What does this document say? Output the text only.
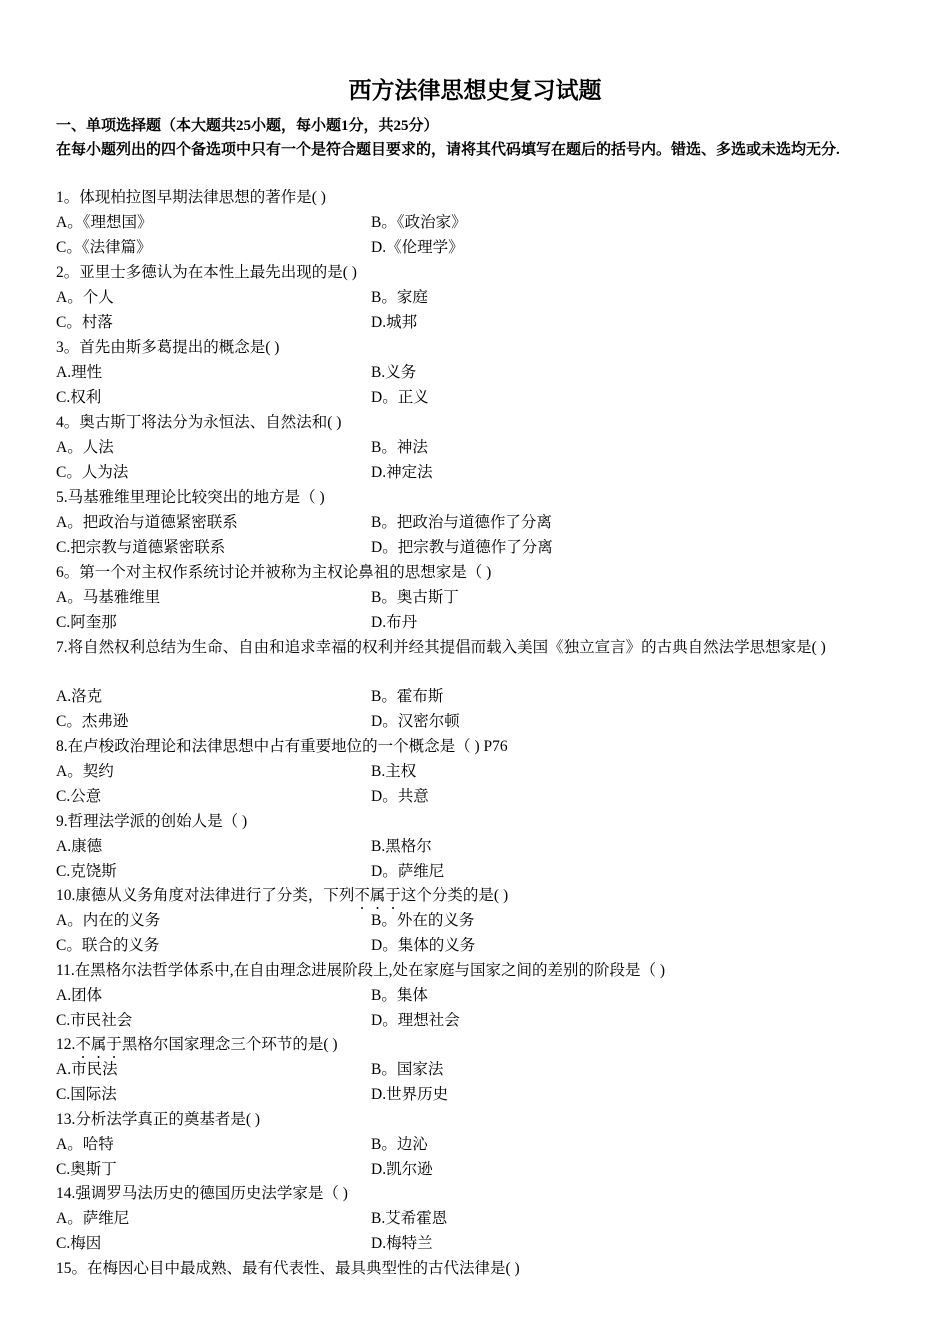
西方法律思想史复习试题
一、单项选择题（本大题共25小题，每小题1分，共25分）
在每小题列出的四个备选项中只有一个是符合题目要求的，请将其代码填写在题后的括号内。错选、多选或未选均无分.
1。体现柏拉图早期法律思想的著作是( )
A。《理想国》	B。《政治家》
C。《法律篇》	D.《伦理学》
2。亚里士多德认为在本性上最先出现的是( )
A。个人	B。家庭
C。村落	D.城邦
3。首先由斯多葛提出的概念是( )
A.理性	B.义务
C.权利	D。正义
4。奥古斯丁将法分为永恒法、自然法和( )
A。人法	B。神法
C。人为法	D.神定法
5.马基雅维里理论比较突出的地方是（ )
A。把政治与道德紧密联系	B。把政治与道德作了分离
C.把宗教与道德紧密联系	D。把宗教与道德作了分离
6。第一个对主权作系统讨论并被称为主权论鼻祖的思想家是（ )
A。马基雅维里	B。奥古斯丁
C.阿奎那	D.布丹
7.将自然权利总结为生命、自由和追求幸福的权利并经其提倡而载入美国《独立宣言》的古典自然法学思想家是( )
A.洛克	B。霍布斯
C。杰弗逊	D。汉密尔顿
8.在卢梭政治理论和法律思想中占有重要地位的一个概念是（ ) P76
A。契约	B.主权
C.公意	D。共意
9.哲理法学派的创始人是（ )
A.康德	B.黑格尔
C.克饶斯	D。萨维尼
10.康德从义务角度对法律进行了分类，下列不属于这个分类的是( )
A。内在的义务	B。外在的义务
C。联合的义务	D。集体的义务
11.在黑格尔法哲学体系中,在自由理念进展阶段上,处在家庭与国家之间的差别的阶段是（ )
A.团体	B。集体
C.市民社会	D。理想社会
12.不属于黑格尔国家理念三个环节的是( )
A.市民法	B。国家法
C.国际法	D.世界历史
13.分析法学真正的奠基者是( )
A。哈特	B。边沁
C.奥斯丁	D.凯尔逊
14.强调罗马法历史的德国历史法学家是（ )
A。萨维尼	B.艾希霍恩
C.梅因	D.梅特兰
15。在梅因心目中最成熟、最有代表性、最具典型性的古代法律是( )
